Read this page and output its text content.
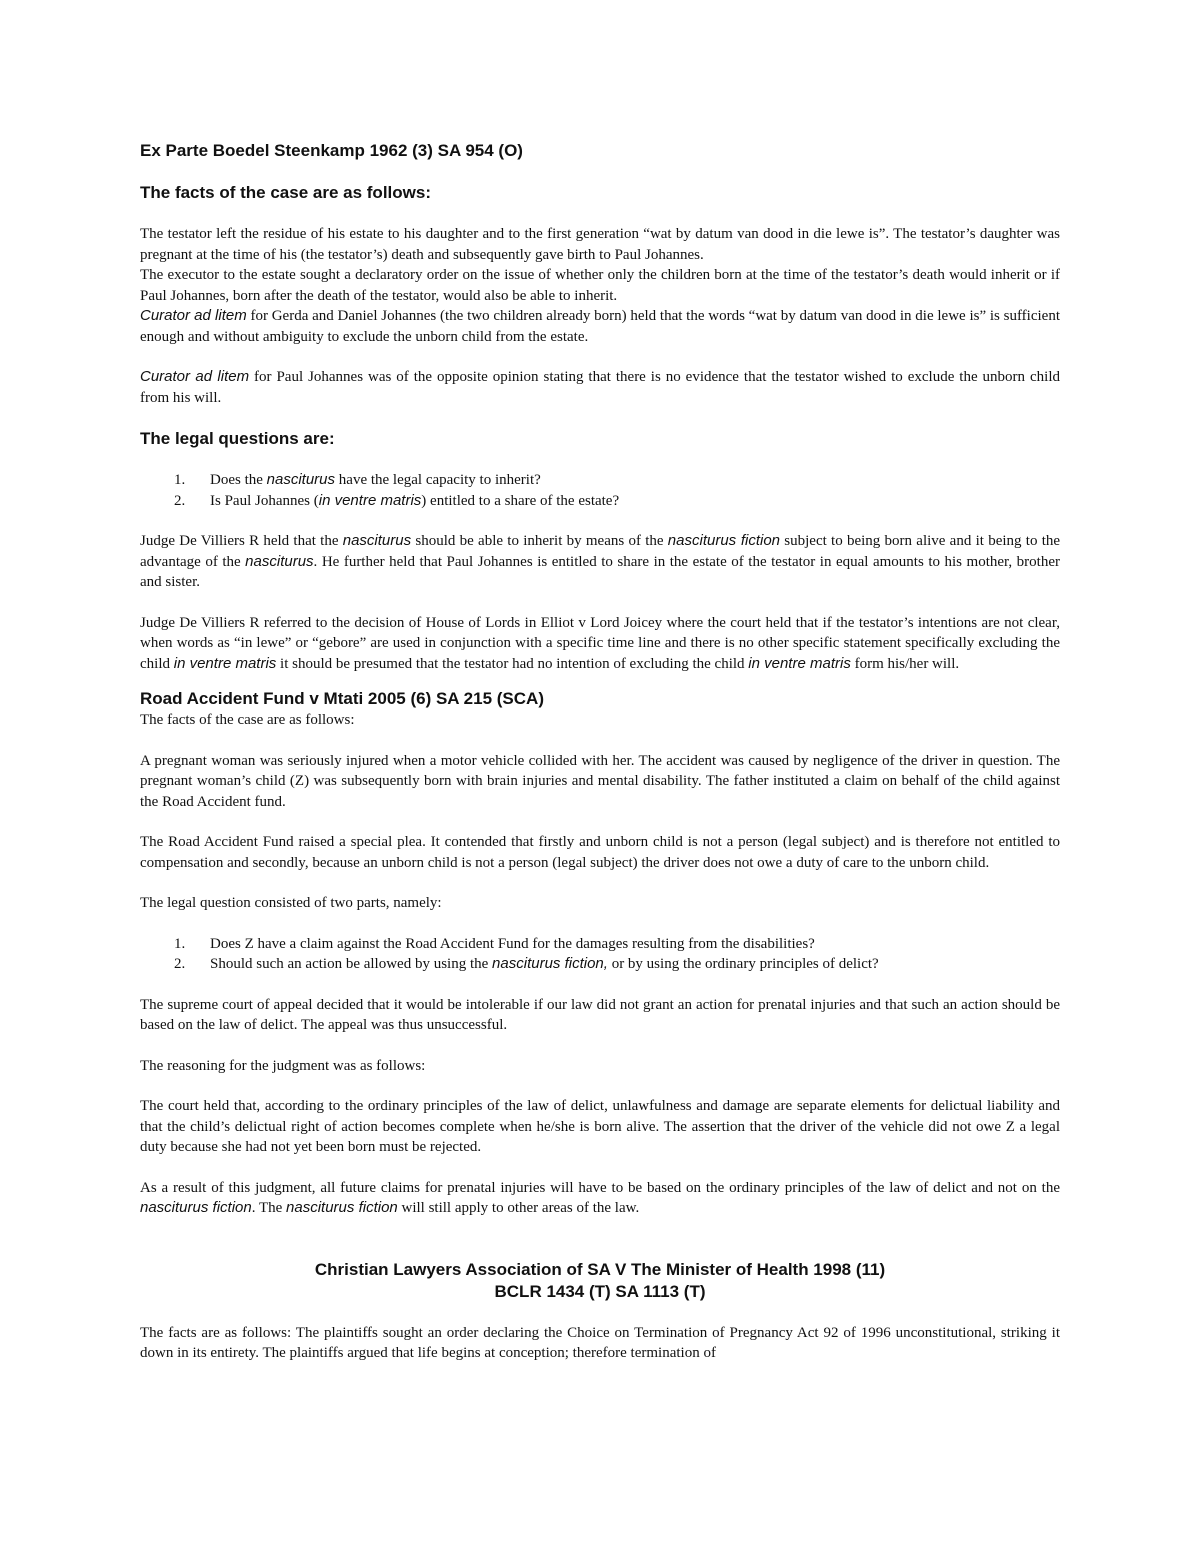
Ex Parte Boedel Steenkamp 1962 (3) SA 954 (O)

The facts of the case are as follows:

The testator left the residue of his estate to his daughter and to the first generation “wat by datum van dood in die lewe is”. The testator’s daughter was pregnant at the time of his (the testator’s) death and subsequently gave birth to Paul Johannes.

The executor to the estate sought a declaratory order on the issue of whether only the children born at the time of the testator’s death would inherit or if Paul Johannes, born after the death of the testator, would also be able to inherit.

Curator ad litem for Gerda and Daniel Johannes (the two children already born) held that the words “wat by datum van dood in die lewe is” is sufficient enough and without ambiguity to exclude the unborn child from the estate.

Curator ad litem for Paul Johannes was of the opposite opinion stating that there is no evidence that the testator wished to exclude the unborn child from his will.

The legal questions are:

1. Does the nasciturus have the legal capacity to inherit?
2. Is Paul Johannes (in ventre matris) entitled to a share of the estate?

Judge De Villiers R held that the nasciturus should be able to inherit by means of the nasciturus fiction subject to being born alive and it being to the advantage of the nasciturus. He further held that Paul Johannes is entitled to share in the estate of the testator in equal amounts to his mother, brother and sister.

Judge De Villiers R referred to the decision of House of Lords in Elliot v Lord Joicey where the court held that if the testator’s intentions are not clear, when words as “in lewe” or “gebore” are used in conjunction with a specific time line and there is no other specific statement specifically excluding the child in ventre matris it should be presumed that the testator had no intention of excluding the child in ventre matris form his/her will.

Road Accident Fund v Mtati 2005 (6) SA 215 (SCA)

The facts of the case are as follows:

A pregnant woman was seriously injured when a motor vehicle collided with her. The accident was caused by negligence of the driver in question. The pregnant woman’s child (Z) was subsequently born with brain injuries and mental disability. The father instituted a claim on behalf of the child against the Road Accident fund.

The Road Accident Fund raised a special plea. It contended that firstly and unborn child is not a person (legal subject) and is therefore not entitled to compensation and secondly, because an unborn child is not a person (legal subject) the driver does not owe a duty of care to the unborn child.

The legal question consisted of two parts, namely:

1. Does Z have a claim against the Road Accident Fund for the damages resulting from the disabilities?
2. Should such an action be allowed by using the nasciturus fiction, or by using the ordinary principles of delict?

The supreme court of appeal decided that it would be intolerable if our law did not grant an action for prenatal injuries and that such an action should be based on the law of delict. The appeal was thus unsuccessful.

The reasoning for the judgment was as follows:

The court held that, according to the ordinary principles of the law of delict, unlawfulness and damage are separate elements for delictual liability and that the child’s delictual right of action becomes complete when he/she is born alive. The assertion that the driver of the vehicle did not owe Z a legal duty because she had not yet been born must be rejected.

As a result of this judgment, all future claims for prenatal injuries will have to be based on the ordinary principles of the law of delict and not on the nasciturus fiction. The nasciturus fiction will still apply to other areas of the law.

Christian Lawyers Association of SA V The Minister of Health 1998 (11)

BCLR 1434 (T) SA 1113 (T)

The facts are as follows: The plaintiffs sought an order declaring the Choice on Termination of Pregnancy Act 92 of 1996 unconstitutional, striking it down in its entirety. The plaintiffs argued that life begins at conception; therefore termination of
